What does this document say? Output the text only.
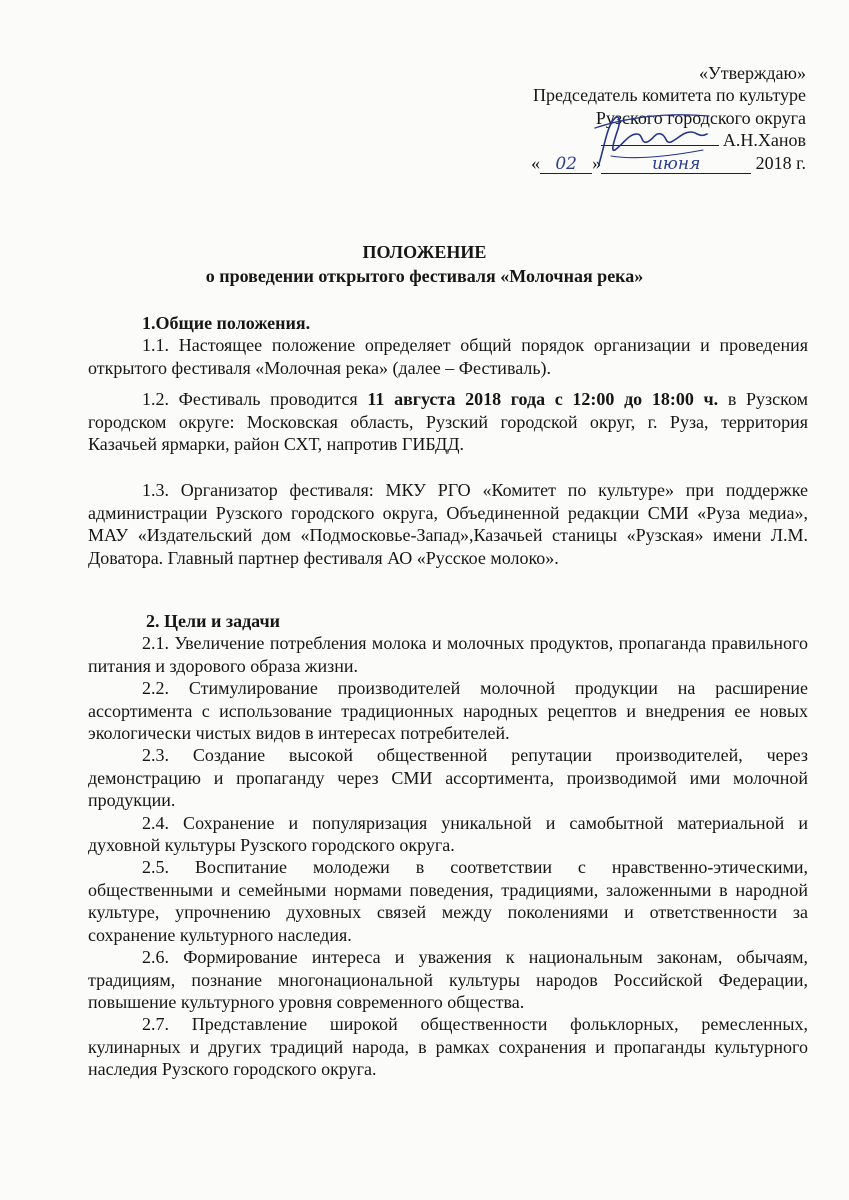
«Утверждаю»
Председатель комитета по культуре
Рузского городского округа
А.Н.Ханов
« 02 »	июня	2018 г.
ПОЛОЖЕНИЕ
о проведении открытого фестиваля «Молочная река»

1.Общие положения.

1.1. Настоящее положение определяет общий порядок организации и проведения открытого фестиваля «Молочная река» (далее – Фестиваль).

1.2. Фестиваль проводится 11 августа 2018 года с 12:00 до 18:00 ч. в Рузском городском округе: Московская область, Рузский городской округ, г. Руза, территория Казачьей ярмарки, район СХТ, напротив ГИБДД.

1.3. Организатор фестиваля: МКУ РГО «Комитет по культуре» при поддержке администрации Рузского городского округа, Объединенной редакции СМИ «Руза медиа», МАУ «Издательский дом «Подмосковье-Запад»,Казачьей станицы «Рузская» имени Л.М. Доватора. Главный партнер фестиваля АО «Русское молоко».

2. Цели и задачи

2.1. Увеличение потребления молока и молочных продуктов, пропаганда правильного питания и здорового образа жизни.

2.2. Стимулирование производителей молочной продукции на расширение ассортимента с использование традиционных народных рецептов и внедрения ее новых экологически чистых видов в интересах потребителей.

2.3. Создание высокой общественной репутации производителей, через демонстрацию и пропаганду через СМИ ассортимента, производимой ими молочной продукции.

2.4. Сохранение и популяризация уникальной и самобытной материальной и духовной культуры Рузского городского округа.

2.5. Воспитание молодежи в соответствии с нравственно-этическими, общественными и семейными нормами поведения, традициями, заложенными в народной культуре, упрочнению духовных связей между поколениями и ответственности за сохранение культурного наследия.

2.6. Формирование интереса и уважения к национальным законам, обычаям, традициям, познание многонациональной культуры народов Российской Федерации, повышение культурного уровня современного общества.

2.7. Представление широкой общественности фольклорных, ремесленных, кулинарных и других традиций народа, в рамках сохранения и пропаганды культурного наследия Рузского городского округа.
